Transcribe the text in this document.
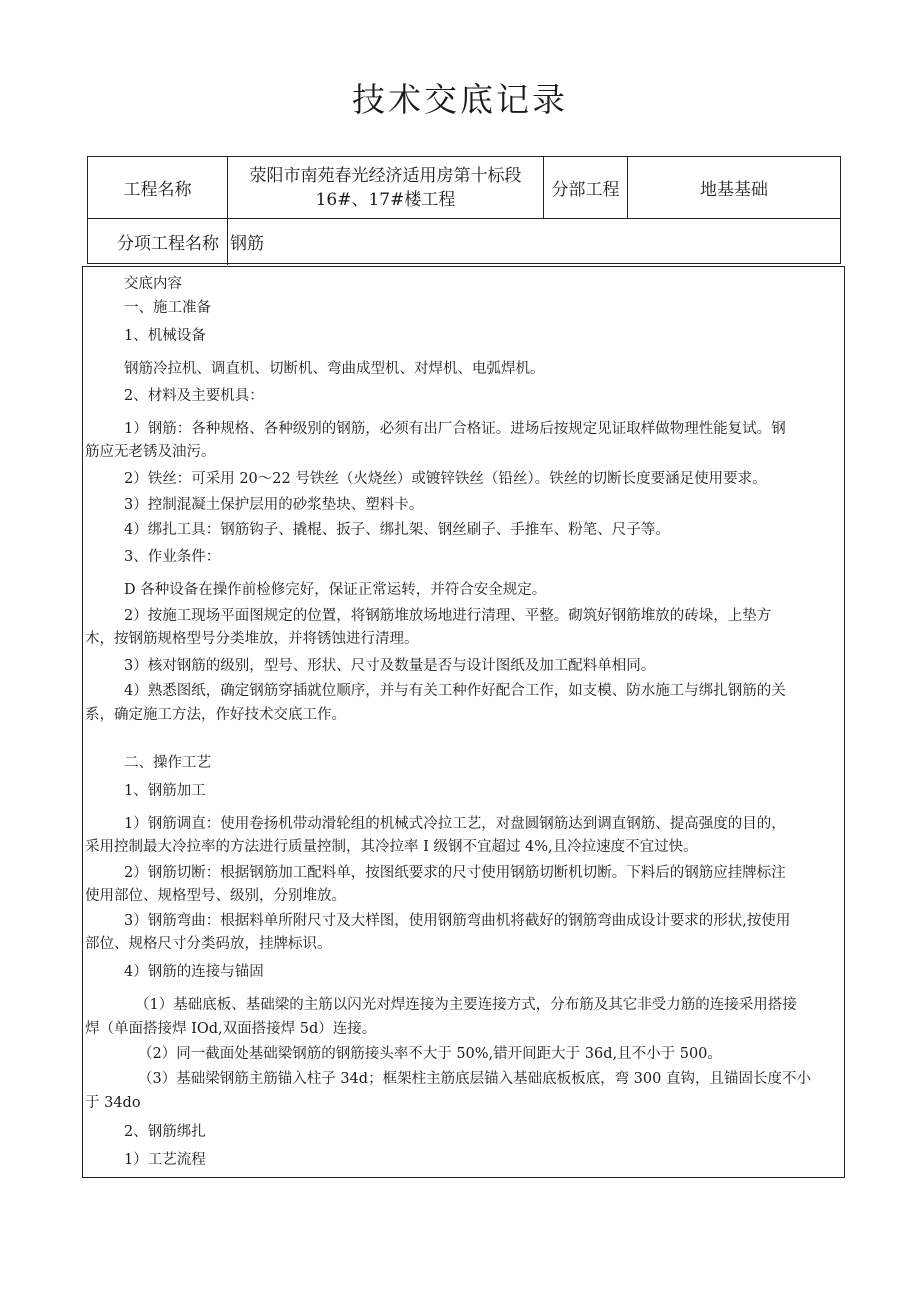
技术交底记录
工程名称
荥阳市南苑春光经济适用房第十标段
16#、17#楼工程	分部工程	地基基础
分项工程名称 钢筋
交底内容
一、施工准备
1、机械设备
钢筋冷拉机、调直机、切断机、弯曲成型机、对焊机、电弧焊机。
2、材料及主要机具：
1）钢筋：各种规格、各种级别的钢筋，必须有出厂合格证。进场后按规定见证取样做物理性能复试。钢
筋应无老锈及油污。
2）铁丝：可采用 20～22 号铁丝（火烧丝）或镀锌铁丝（铅丝）。铁丝的切断长度要涵足使用要求。
3）控制混凝土保护层用的砂浆垫块、塑料卡。
4）绑扎工具：钢筋钩子、撬棍、扳子、绑扎架、钢丝刷子、手推车、粉笔、尺子等。
3、作业条件：
D 各种设备在操作前检修完好，保证正常运转，并符合安全规定。
2）按施工现场平面图规定的位置，将钢筋堆放场地进行清理、平整。砌筑好钢筋堆放的砖垛，上垫方
木，按钢筋规格型号分类堆放，并将锈蚀进行清理。
3）核对钢筋的级别，型号、形状、尺寸及数量是否与设计图纸及加工配料单相同。
4）熟悉图纸，确定钢筋穿插就位顺序，并与有关工种作好配合工作，如支模、防水施工与绑扎钢筋的关
系，确定施工方法，作好技术交底工作。
二、操作工艺
1、钢筋加工
1）钢筋调直：使用卷扬机带动滑轮组的机械式冷拉工艺，对盘圆钢筋达到调直钢筋、提高强度的目的，
采用控制最大冷拉率的方法进行质量控制，其冷拉率 I 级钢不宜超过 4%,且冷拉速度不宜过快。
2）钢筋切断：根据钢筋加工配料单，按图纸要求的尺寸使用钢筋切断机切断。下料后的钢筋应挂牌标注
使用部位、规格型号、级别，分别堆放。
3）钢筋弯曲：根据料单所附尺寸及大样图，使用钢筋弯曲机将截好的钢筋弯曲成设计要求的形状,按使用
部位、规格尺寸分类码放，挂牌标识。
4）钢筋的连接与锚固
（1）基础底板、基础梁的主筋以闪光对焊连接为主要连接方式，分布筋及其它非受力筋的连接采用搭接
焊（单面搭接焊 IOd,双面搭接焊 5d）连接。
（2）同一截面处基础梁钢筋的钢筋接头率不大于 50%,错开间距大于 36d,且不小于 500。
（3）基础梁钢筋主筋锚入柱子 34d；框架柱主筋底层锚入基础底板板底，弯 300 直钩，且锚固长度不小
于 34do
2、钢筋绑扎
1）工艺流程
